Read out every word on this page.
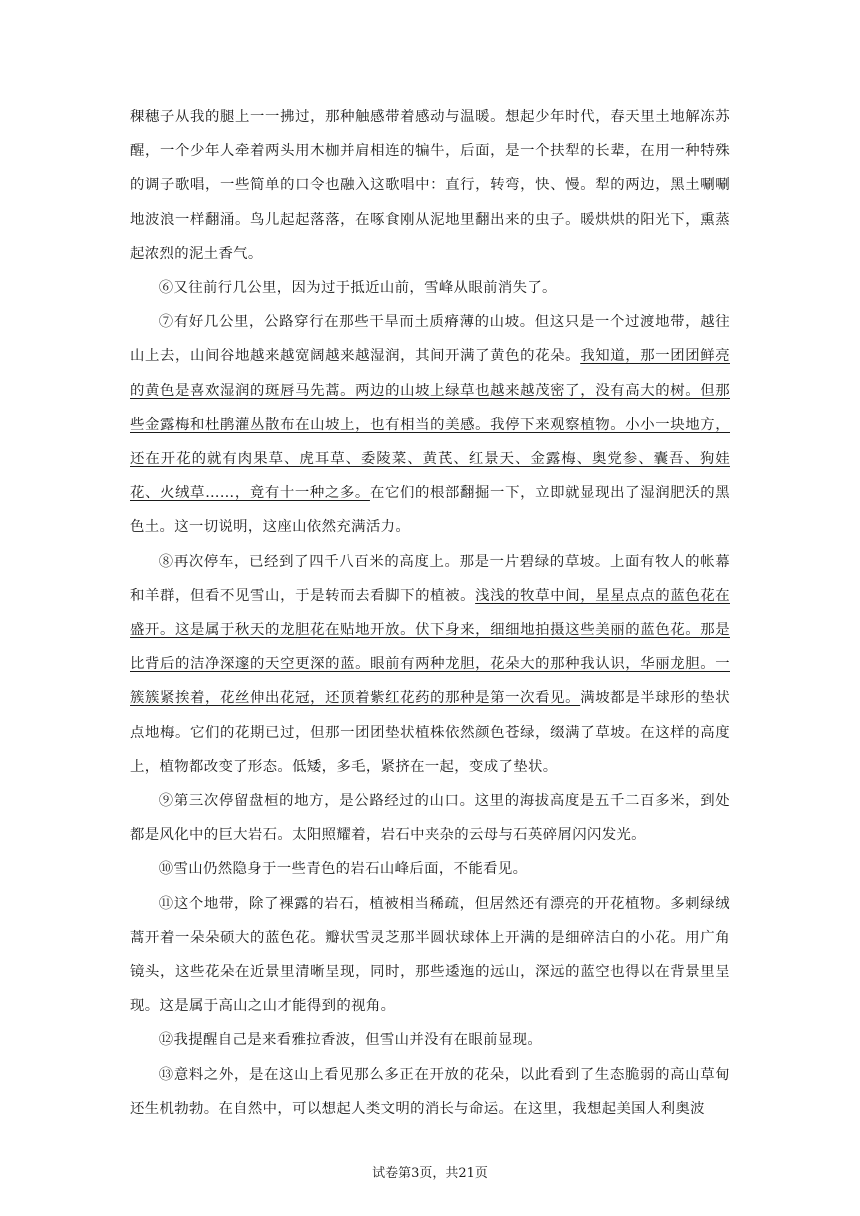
稞穗子从我的腿上一一拂过，那种触感带着感动与温暖。想起少年时代，春天里土地解冻苏醒，一个少年人牵着两头用木枷并肩相连的犏牛，后面，是一个扶犁的长辈，在用一种特殊的调子歌唱，一些简单的口令也融入这歌唱中：直行，转弯，快、慢。犁的两边，黑土唰唰地波浪一样翻涌。鸟儿起起落落，在啄食刚从泥地里翻出来的虫子。暖烘烘的阳光下，熏蒸起浓烈的泥土香气。

⑥又往前行几公里，因为过于抵近山前，雪峰从眼前消失了。

⑦有好几公里，公路穿行在那些干旱而土质瘠薄的山坡。但这只是一个过渡地带，越往山上去，山间谷地越来越宽阔越来越湿润，其间开满了黄色的花朵。我知道，那一团团鲜亮的黄色是喜欢湿润的斑唇马先蒿。两边的山坡上绿草也越来越茂密了，没有高大的树。但那些金露梅和杜鹃灌丛散布在山坡上，也有相当的美感。我停下来观察植物。小小一块地方，还在开花的就有肉果草、虎耳草、委陵菜、黄芪、红景天、金露梅、奥党参、囊吾、狗娃花、火绒草……，竟有十一种之多。在它们的根部翻掘一下，立即就显现出了湿润肥沃的黑色土。这一切说明，这座山依然充满活力。

⑧再次停车，已经到了四千八百米的高度上。那是一片碧绿的草坡。上面有牧人的帐幕和羊群，但看不见雪山，于是转而去看脚下的植被。浅浅的牧草中间，星星点点的蓝色花在盛开。这是属于秋天的龙胆花在贴地开放。伏下身来，细细地拍摄这些美丽的蓝色花。那是比背后的洁净深邃的天空更深的蓝。眼前有两种龙胆，花朵大的那种我认识，华丽龙胆。一簇簇紧挨着，花丝伸出花冠，还顶着紫红花药的那种是第一次看见。满坡都是半球形的垫状点地梅。它们的花期已过，但那一团团垫状植株依然颜色苍绿，缀满了草坡。在这样的高度上，植物都改变了形态。低矮，多毛，紧挤在一起，变成了垫状。

⑨第三次停留盘桓的地方，是公路经过的山口。这里的海拔高度是五千二百多米，到处都是风化中的巨大岩石。太阳照耀着，岩石中夹杂的云母与石英碎屑闪闪发光。

⑩雪山仍然隐身于一些青色的岩石山峰后面，不能看见。

⑪这个地带，除了裸露的岩石，植被相当稀疏，但居然还有漂亮的开花植物。多刺绿绒蒿开着一朵朵硕大的蓝色花。瓣状雪灵芝那半圆状球体上开满的是细碎洁白的小花。用广角镜头，这些花朵在近景里清晰呈现，同时，那些逶迤的远山，深远的蓝空也得以在背景里呈现。这是属于高山之山才能得到的视角。

⑫我提醒自己是来看雅拉香波，但雪山并没有在眼前显现。

⑬意料之外，是在这山上看见那么多正在开放的花朵，以此看到了生态脆弱的高山草甸还生机勃勃。在自然中，可以想起人类文明的消长与命运。在这里，我想起美国人利奥波

试卷第3页，共21页
